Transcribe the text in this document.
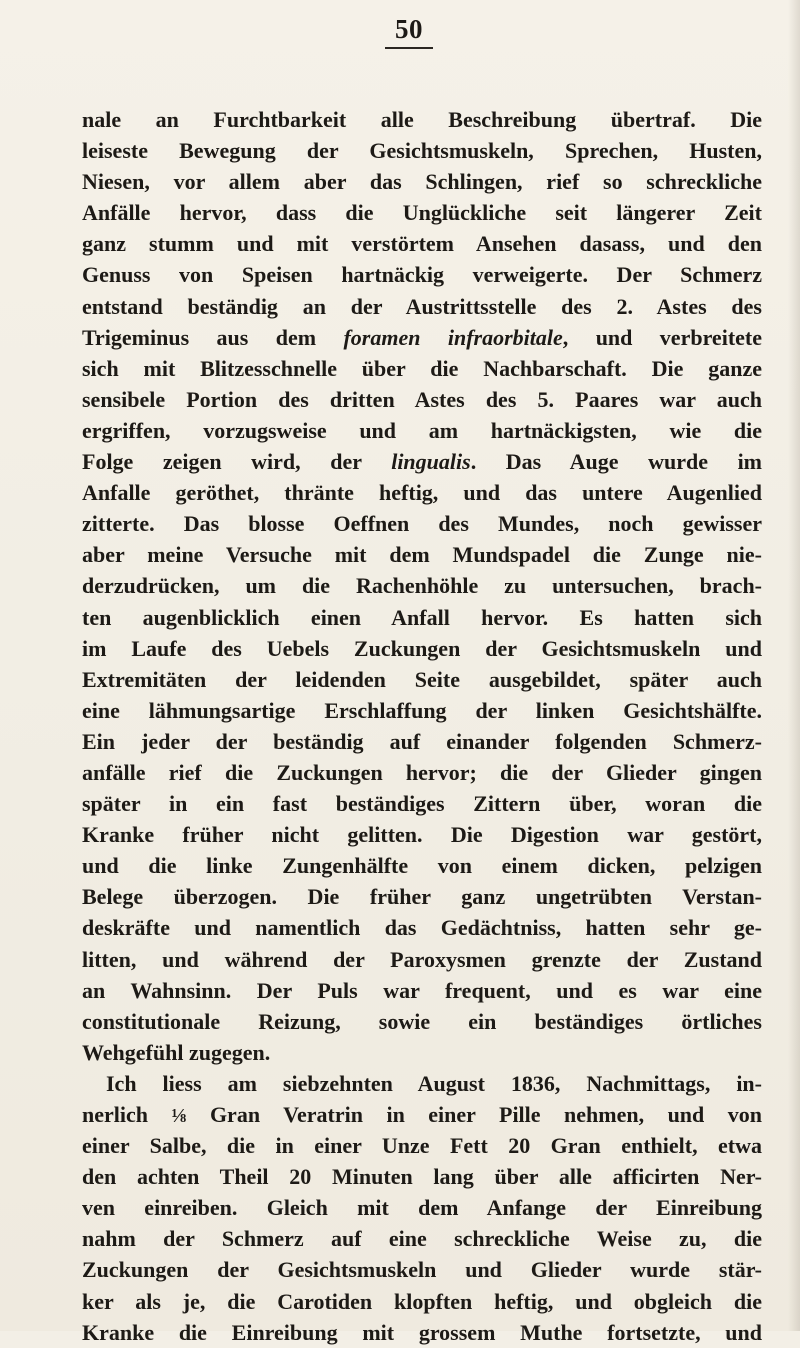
50
nale an Furchtbarkeit alle Beschreibung übertraf. Die
leiseste Bewegung der Gesichtsmuskeln, Sprechen, Husten,
Niesen, vor allem aber das Schlingen, rief so schreckliche
Anfälle hervor, dass die Unglückliche seit längerer Zeit
ganz stumm und mit verstörtem Ansehen dasass, und den
Genuss von Speisen hartnäckig verweigerte. Der Schmerz
entstand beständig an der Austrittsstelle des 2. Astes des
Trigeminus aus dem foramen infraorbitale, und verbreitete
sich mit Blitzesschnelle über die Nachbarschaft. Die ganze
sensibele Portion des dritten Astes des 5. Paares war auch
ergriffen, vorzugsweise und am hartnäckigsten, wie die
Folge zeigen wird, der lingualis. Das Auge wurde im
Anfalle geröthet, thränte heftig, und das untere Augenlied
zitterte. Das blosse Oeffnen des Mundes, noch gewisser
aber meine Versuche mit dem Mundspadel die Zunge nie-
derzudrücken, um die Rachenhöhle zu untersuchen, brach-
ten augenblicklich einen Anfall hervor. Es hatten sich
im Laufe des Uebels Zuckungen der Gesichtsmuskeln und
Extremitäten der leidenden Seite ausgebildet, später auch
eine lähmungsartige Erschlaffung der linken Gesichtshälfte.
Ein jeder der beständig auf einander folgenden Schmerz-
anfälle rief die Zuckungen hervor; die der Glieder gingen
später in ein fast beständiges Zittern über, woran die
Kranke früher nicht gelitten. Die Digestion war gestört,
und die linke Zungenhälfte von einem dicken, pelzigen
Belege überzogen. Die früher ganz ungetrübten Verstan-
deskräfte und namentlich das Gedächtniss, hatten sehr ge-
litten, und während der Paroxysmen grenzte der Zustand
an Wahnsinn. Der Puls war frequent, und es war eine
constitutionale Reizung, sowie ein beständiges örtliches
Wehgefühl zugegen.
Ich liess am siebzehnten August 1836, Nachmittags, in-
nerlich ⅛ Gran Veratrin in einer Pille nehmen, und von
einer Salbe, die in einer Unze Fett 20 Gran enthielt, etwa
den achten Theil 20 Minuten lang über alle afficirten Ner-
ven einreiben. Gleich mit dem Anfange der Einreibung
nahm der Schmerz auf eine schreckliche Weise zu, die
Zuckungen der Gesichtsmuskeln und Glieder wurde stär-
ker als je, die Carotiden klopften heftig, und obgleich die
Kranke die Einreibung mit grossem Muthe fortsetzte, und
